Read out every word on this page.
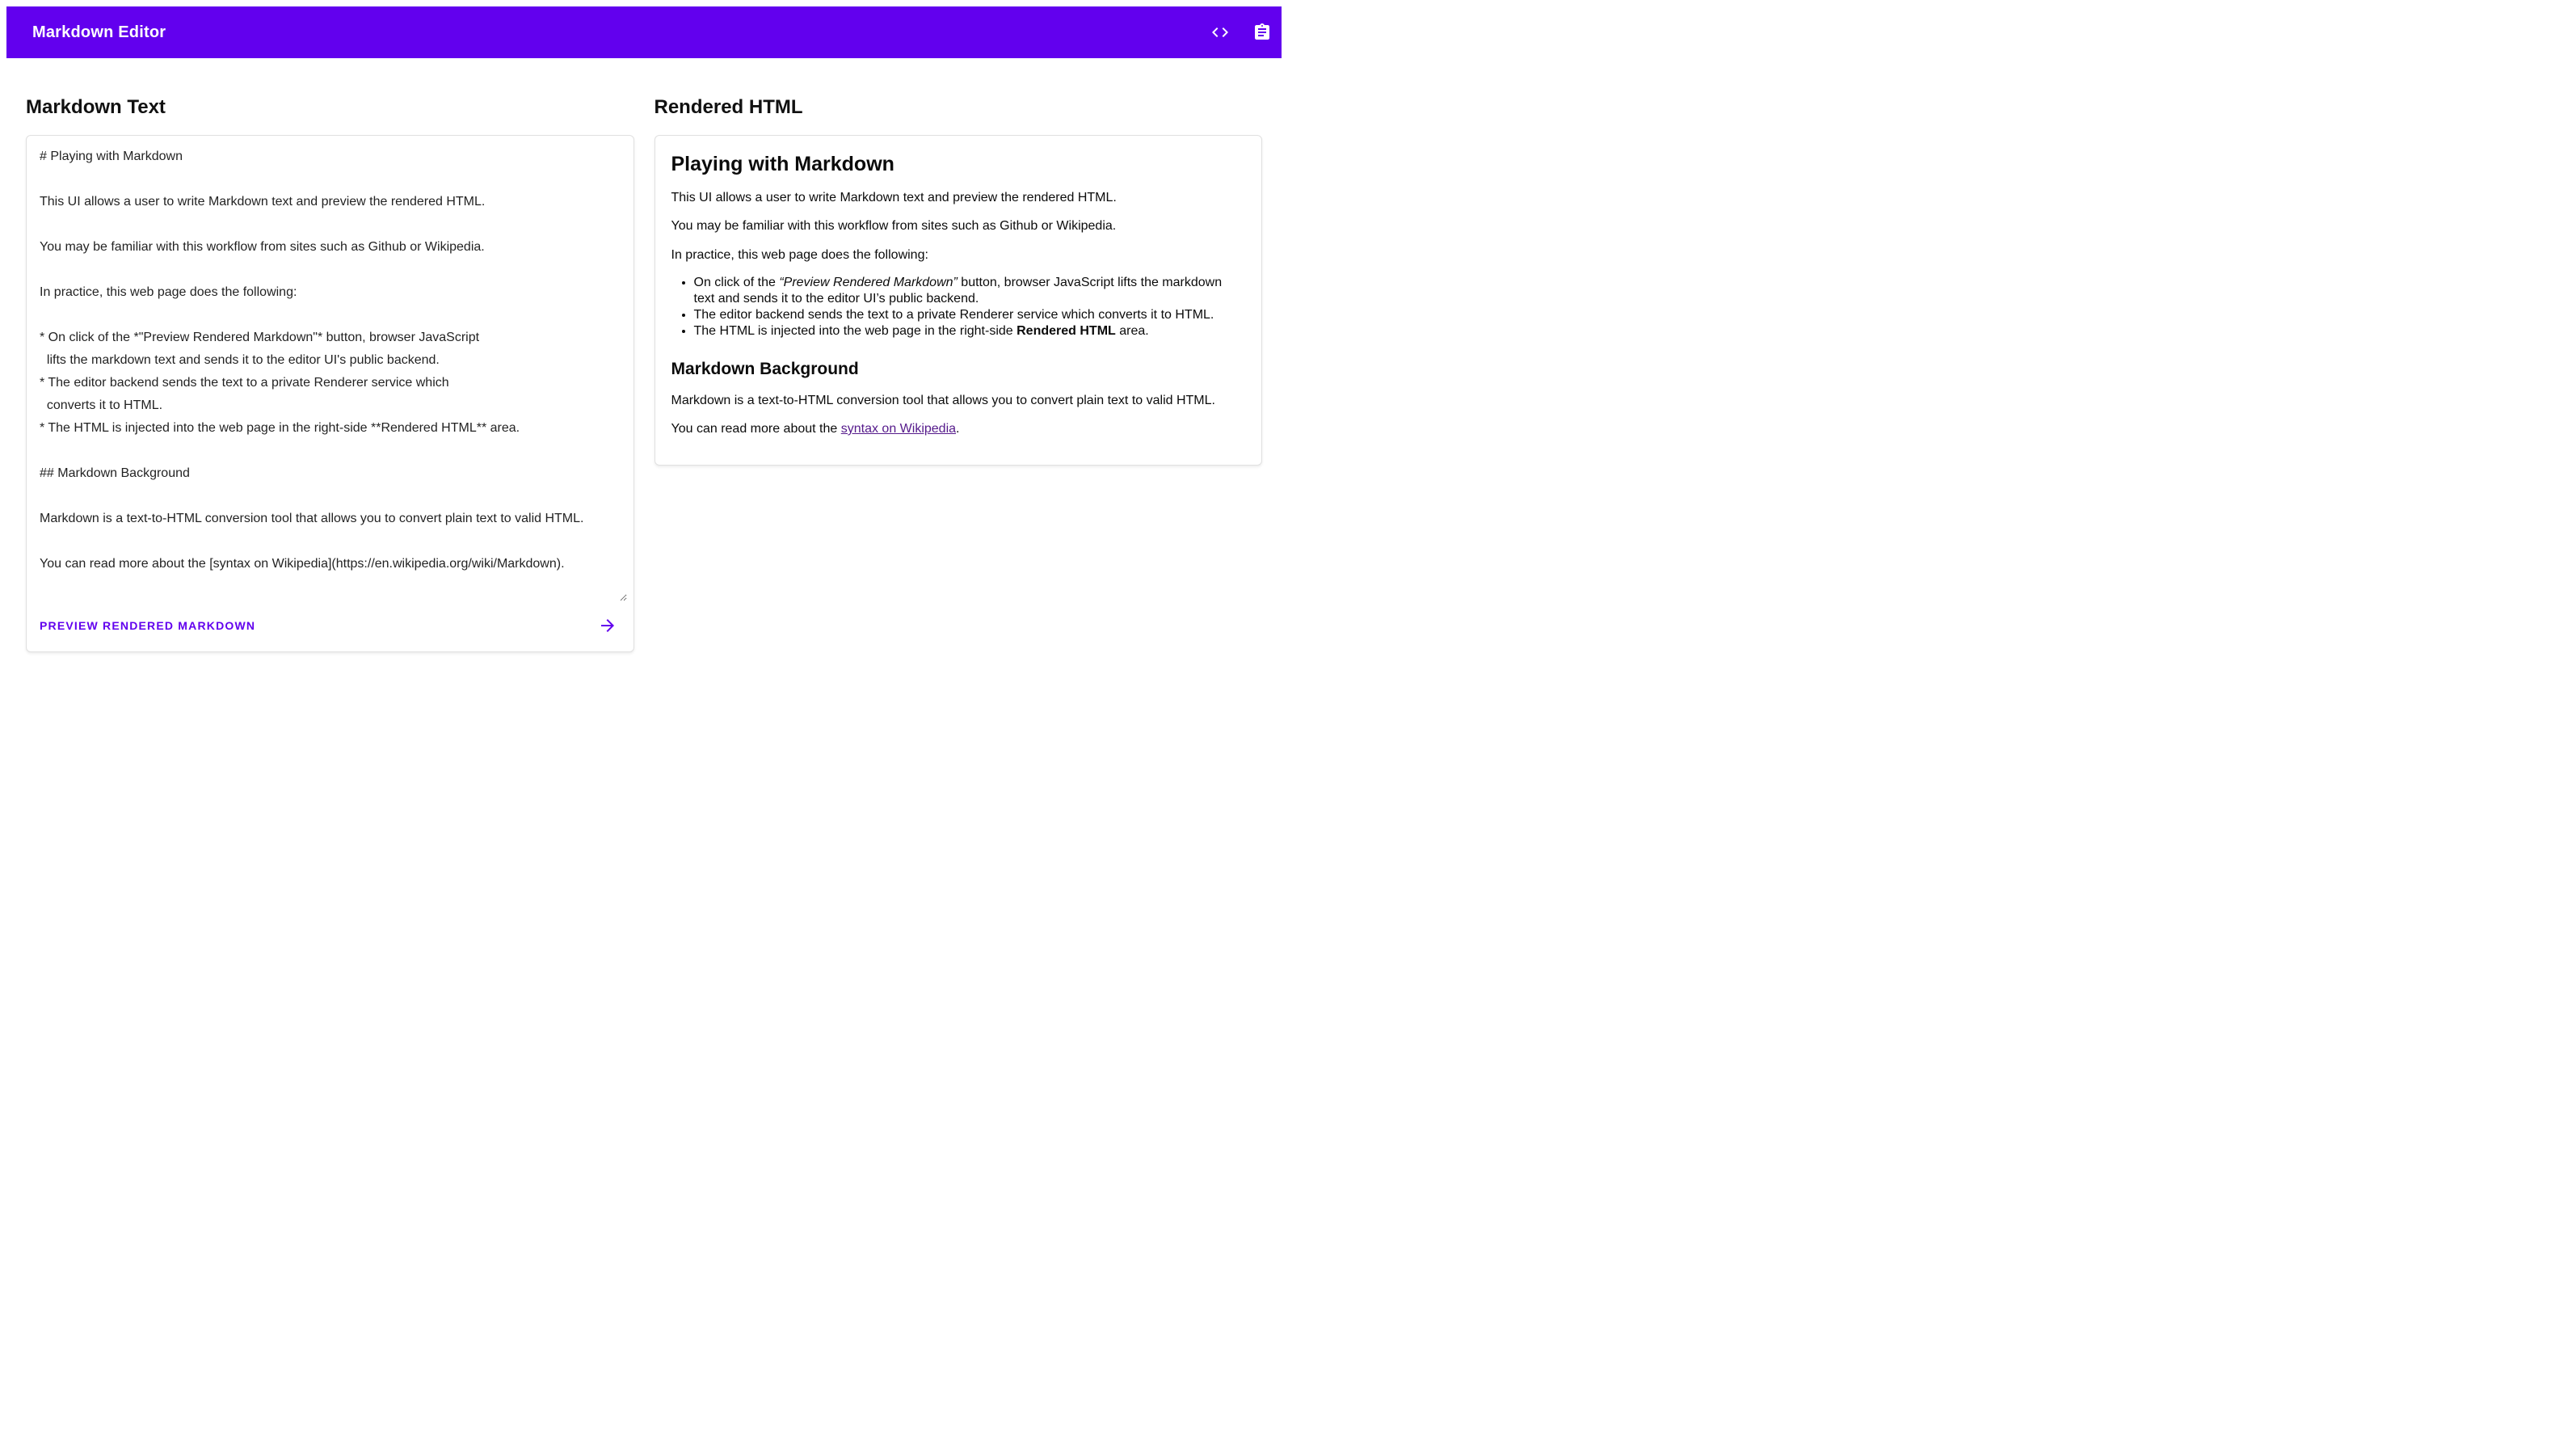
Markdown Editor
Markdown Text
# Playing with Markdown This UI allows a user to write Markdown text and preview the rendered HTML. You may be familiar with this workflow from sites such as Github or Wikipedia. In practice, this web page does the following: * On click of the *"Preview Rendered Markdown"* button, browser JavaScript lifts the markdown text and sends it to the editor UI's public backend. * The editor backend sends the text to a private Renderer service which converts it to HTML. * The HTML is injected into the web page in the right-side **Rendered HTML** area. ## Markdown Background Markdown is a text-to-HTML conversion tool that allows you to convert plain text to valid HTML. You can read more about the [syntax on Wikipedia](https://en.wikipedia.org/wiki/Markdown).
PREVIEW RENDERED MARKDOWN
Rendered HTML
Playing with Markdown

This UI allows a user to write Markdown text and preview the rendered HTML.

You may be familiar with this workflow from sites such as Github or Wikipedia.

In practice, this web page does the following:

• On click of the “Preview Rendered Markdown” button, browser JavaScript lifts the markdown text and sends it to the editor UI’s public backend.
• The editor backend sends the text to a private Renderer service which converts it to HTML.
• The HTML is injected into the web page in the right-side Rendered HTML area.
Markdown Background

Markdown is a text-to-HTML conversion tool that allows you to convert plain text to valid HTML.

You can read more about the syntax on Wikipedia.
